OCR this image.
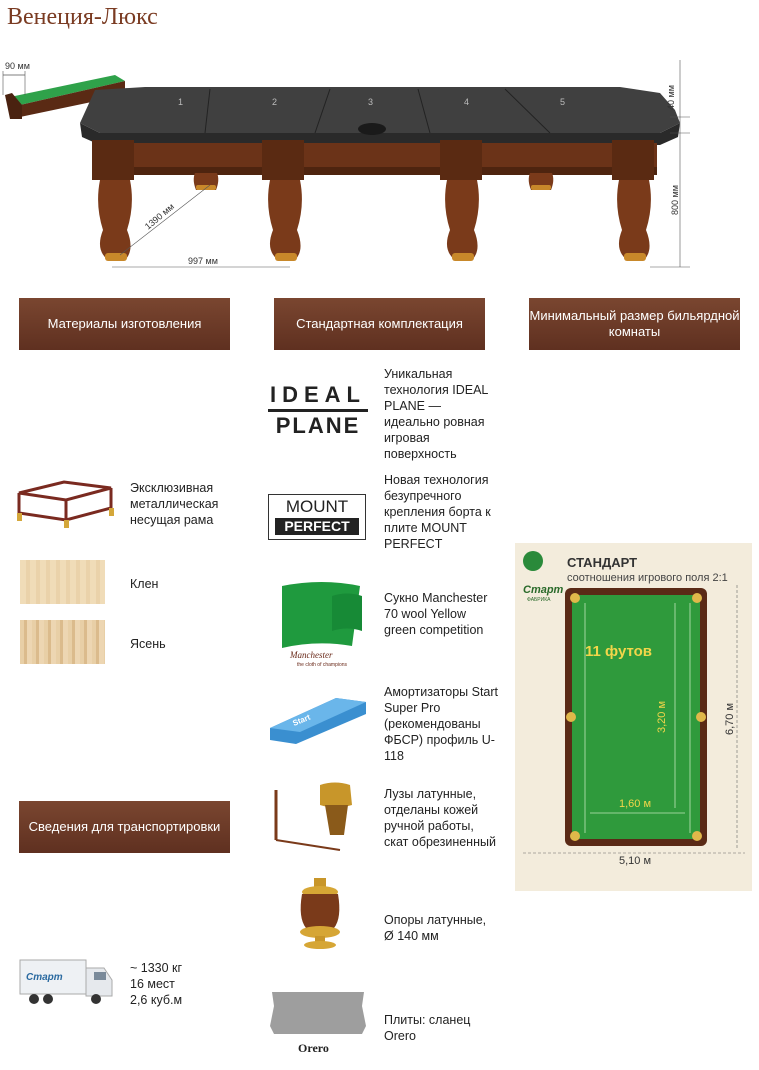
Венеция-Люкс
90 мм
1	2	3	4	5	40 мм
800 мм
1390 мм
997 мм
Материалы изготовления	Стандартная комплектация
Минимальный размер бильярдной комнаты
Сведения для транспортировки
Эксклюзивная металлическая несущая рама
Клен
Ясень
IDEAL
PLANE
Уникальная технология IDEAL PLANE — идеально ровная игровая поверхность
MOUNT
PERFECT
Новая технология безупречного крепления борта к плите MOUNT PERFECT
Manchester
the cloth of champions
Сукно Manchester 70 wool Yellow green competition
Start
Амортизаторы Start Super Pro (рекомендованы ФБСР) профиль U-118
Лузы латунные, отделаны кожей ручной работы, скат обрезиненный
Опоры латунные, Ø 140 мм
Orero
Плиты: сланец Orero
Старт
ФАБРИКА
СТАНДАРТ
соотношения игрового поля 2:1
11 футов
3,20 м
1,60 м
6,70 м
5,10 м
Старт
~ 1330 кг
16 мест
2,6 куб.м
